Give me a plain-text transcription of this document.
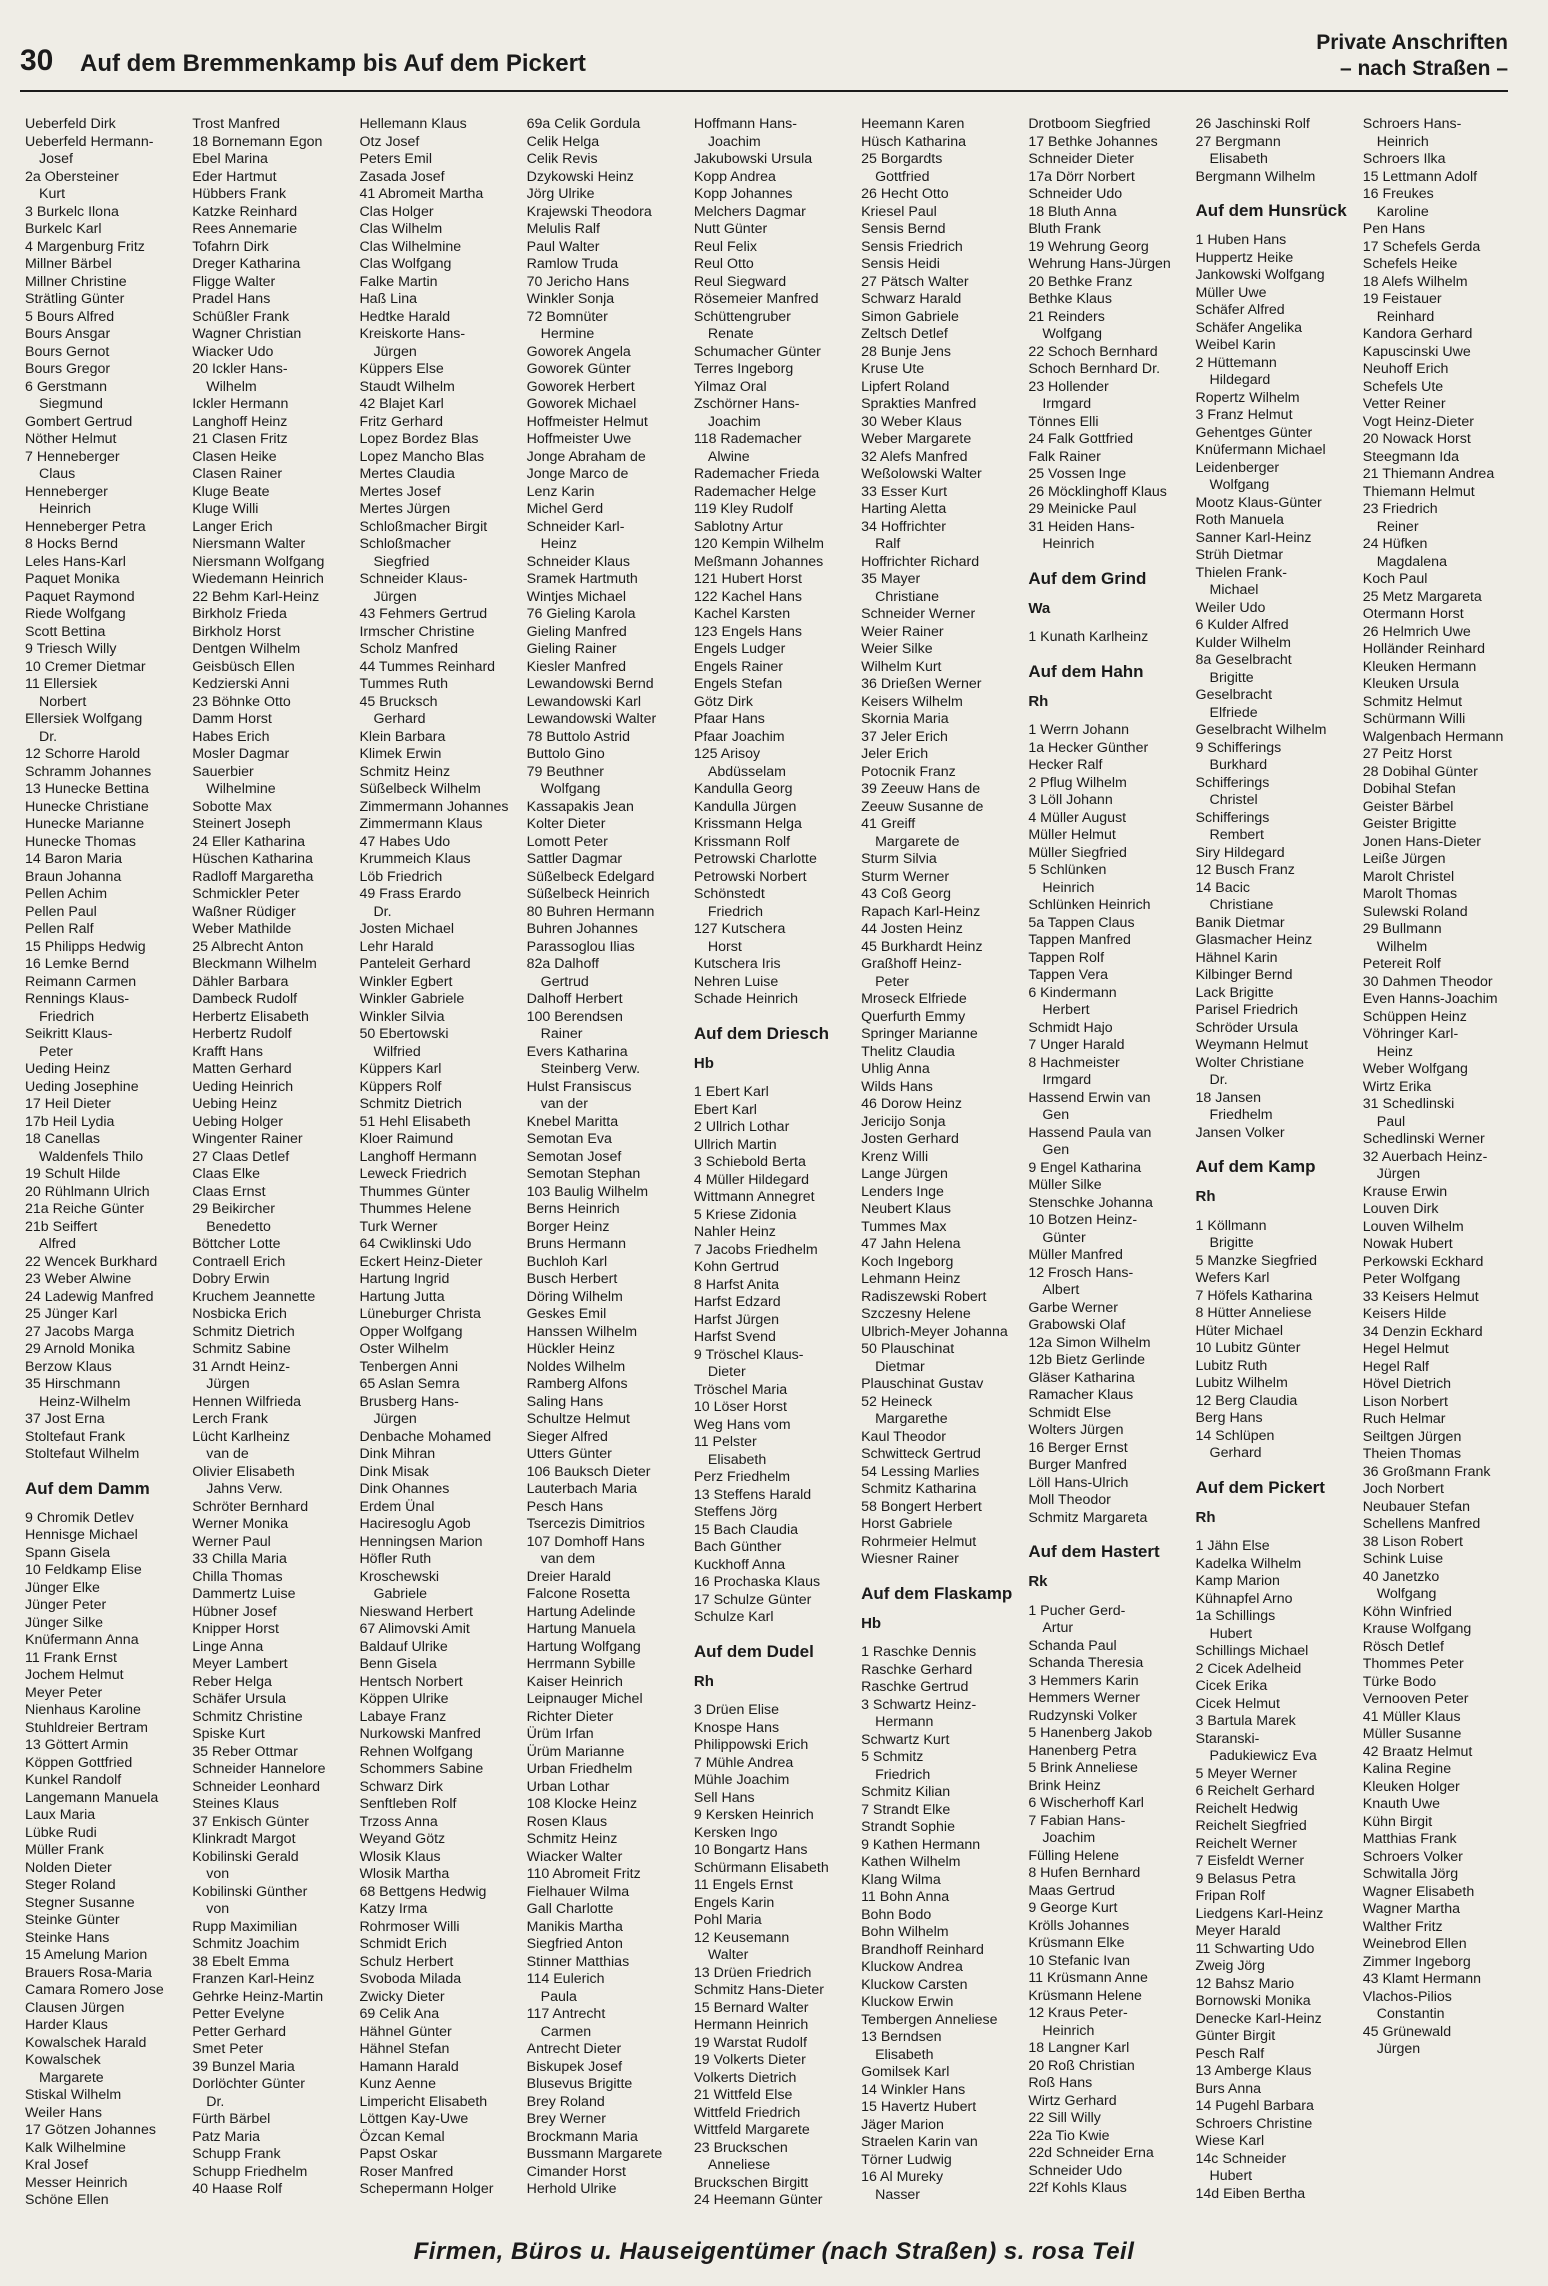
30 Auf dem Bremmenkamp bis Auf dem Pickert
Private Anschriften
– nach Straßen –
Ueberfeld Dirk
Ueberfeld Hermann-
Josef
2a Obersteiner
Kurt
3 Burkelc Ilona
Burkelc Karl
4 Margenburg Fritz
Millner Bärbel
Millner Christine
Strätling Günter
5 Bours Alfred
Bours Ansgar
Bours Gernot
Bours Gregor
6 Gerstmann
Siegmund
Gombert Gertrud
Nöther Helmut
7 Henneberger
Claus
Henneberger
Heinrich
Henneberger Petra
8 Hocks Bernd
Leles Hans-Karl
Paquet Monika
Paquet Raymond
Riede Wolfgang
Scott Bettina
9 Triesch Willy
10 Cremer Dietmar
11 Ellersiek
Norbert
Ellersiek Wolfgang
Dr.
12 Schorre Harold
Schramm Johannes
13 Hunecke Bettina
Hunecke Christiane
Hunecke Marianne
Hunecke Thomas
14 Baron Maria
Braun Johanna
Pellen Achim
Pellen Paul
Pellen Ralf
15 Philipps Hedwig
16 Lemke Bernd
Reimann Carmen
Rennings Klaus-
Friedrich
Seikritt Klaus-
Peter
Ueding Heinz
Ueding Josephine
17 Heil Dieter
17b Heil Lydia
18 Canellas
Waldenfels Thilo
19 Schult Hilde
20 Rühlmann Ulrich
21a Reiche Günter
21b Seiffert
Alfred
22 Wencek Burkhard
23 Weber Alwine
24 Ladewig Manfred
25 Jünger Karl
27 Jacobs Marga
29 Arnold Monika
Berzow Klaus
35 Hirschmann
Heinz-Wilhelm
37 Jost Erna
Stoltefaut Frank
Stoltefaut Wilhelm
Auf dem Damm
9 Chromik Detlev
Hennisge Michael
Spann Gisela
10 Feldkamp Elise
Jünger Elke
Jünger Peter
Jünger Silke
Knüfermann Anna
11 Frank Ernst
Jochem Helmut
Meyer Peter
Nienhaus Karoline
Stuhldreier Bertram
13 Göttert Armin
Köppen Gottfried
Kunkel Randolf
Langemann Manuela
Laux Maria
Lübke Rudi
Müller Frank
Nolden Dieter
Steger Roland
Stegner Susanne
Steinke Günter
Steinke Hans
15 Amelung Marion
Brauers Rosa-Maria
Camara Romero Jose
Clausen Jürgen
Harder Klaus
Kowalschek Harald
Kowalschek
Margarete
Stiskal Wilhelm
Weiler Hans
17 Götzen Johannes
Kalk Wilhelmine
Kral Josef
Messer Heinrich
Schöne Ellen
Trost Manfred
18 Bornemann Egon
Ebel Marina
Eder Hartmut
Hübbers Frank
Katzke Reinhard
Rees Annemarie
Tofahrn Dirk
Dreger Katharina
Fligge Walter
Pradel Hans
Schüßler Frank
Wagner Christian
Wiacker Udo
20 Ickler Hans-
Wilhelm
Ickler Hermann
Langhoff Heinz
21 Clasen Fritz
Clasen Heike
Clasen Rainer
Kluge Beate
Kluge Willi
Langer Erich
Niersmann Walter
Niersmann Wolfgang
Wiedemann Heinrich
22 Behm Karl-Heinz
Birkholz Frieda
Birkholz Horst
Dentgen Wilhelm
Geisbüsch Ellen
Kedzierski Anni
23 Böhnke Otto
Damm Horst
Habes Erich
Mosler Dagmar
Sauerbier
Wilhelmine
Sobotte Max
Steinert Joseph
24 Eller Katharina
Hüschen Katharina
Radloff Margaretha
Schmickler Peter
Waßner Rüdiger
Weber Mathilde
25 Albrecht Anton
Bleckmann Wilhelm
Dähler Barbara
Dambeck Rudolf
Herbertz Elisabeth
Herbertz Rudolf
Krafft Hans
Matten Gerhard
Ueding Heinrich
Uebing Heinz
Uebing Holger
Wingenter Rainer
27 Claas Detlef
Claas Elke
Claas Ernst
29 Beikircher
Benedetto
Böttcher Lotte
Contraell Erich
Dobry Erwin
Kruchem Jeannette
Nosbicka Erich
Schmitz Dietrich
Schmitz Sabine
31 Arndt Heinz-
Jürgen
Hennen Wilfrieda
Lerch Frank
Lücht Karlheinz
van de
Olivier Elisabeth
Jahns Verw.
Schröter Bernhard
Werner Monika
Werner Paul
33 Chilla Maria
Chilla Thomas
Dammertz Luise
Hübner Josef
Knipper Horst
Linge Anna
Meyer Lambert
Reber Helga
Schäfer Ursula
Schmitz Christine
Spiske Kurt
35 Reber Ottmar
Schneider Hannelore
Schneider Leonhard
Steines Klaus
37 Enkisch Günter
Klinkradt Margot
Kobilinski Gerald
von
Kobilinski Günther
von
Rupp Maximilian
Schmitz Joachim
38 Ebelt Emma
Franzen Karl-Heinz
Gehrke Heinz-Martin
Petter Evelyne
Petter Gerhard
Smet Peter
39 Bunzel Maria
Dorlöchter Günter
Dr.
Fürth Bärbel
Patz Maria
Schupp Frank
Schupp Friedhelm
40 Haase Rolf
Hellemann Klaus
Otz Josef
Peters Emil
Zasada Josef
41 Abromeit Martha
Clas Holger
Clas Wilhelm
Clas Wilhelmine
Clas Wolfgang
Falke Martin
Haß Lina
Hedtke Harald
Kreiskorte Hans-
Jürgen
Küppers Else
Staudt Wilhelm
42 Blajet Karl
Fritz Gerhard
Lopez Bordez Blas
Lopez Mancho Blas
Mertes Claudia
Mertes Josef
Mertes Jürgen
Schloßmacher Birgit
Schloßmacher
Siegfried
Schneider Klaus-
Jürgen
43 Fehmers Gertrud
Irmscher Christine
Scholz Manfred
44 Tummes Reinhard
Tummes Ruth
45 Brucksch
Gerhard
Klein Barbara
Klimek Erwin
Schmitz Heinz
Süßelbeck Wilhelm
Zimmermann Johannes
Zimmermann Klaus
47 Habes Udo
Krummeich Klaus
Löb Friedrich
49 Frass Erardo
Dr.
Josten Michael
Lehr Harald
Panteleit Gerhard
Winkler Egbert
Winkler Gabriele
Winkler Silvia
50 Ebertowski
Wilfried
Küppers Karl
Küppers Rolf
Schmitz Dietrich
51 Hehl Elisabeth
Kloer Raimund
Langhoff Hermann
Leweck Friedrich
Thummes Günter
Thummes Helene
Turk Werner
64 Cwiklinski Udo
Eckert Heinz-Dieter
Hartung Ingrid
Hartung Jutta
Lüneburger Christa
Opper Wolfgang
Oster Wilhelm
Tenbergen Anni
65 Aslan Semra
Brusberg Hans-
Jürgen
Denbache Mohamed
Dink Mihran
Dink Misak
Dink Ohannes
Erdem Ünal
Haciresoglu Agob
Henningsen Marion
Höfler Ruth
Kroschewski
Gabriele
Nieswand Herbert
67 Alimovski Amit
Baldauf Ulrike
Benn Gisela
Hentsch Norbert
Köppen Ulrike
Labaye Franz
Nurkowski Manfred
Rehnen Wolfgang
Schommers Sabine
Schwarz Dirk
Senftleben Rolf
Trzoss Anna
Weyand Götz
Wlosik Klaus
Wlosik Martha
68 Bettgens Hedwig
Katzy Irma
Rohrmoser Willi
Schmidt Erich
Schulz Herbert
Svoboda Milada
Zwicky Dieter
69 Celik Ana
Hähnel Günter
Hähnel Stefan
Hamann Harald
Kunz Aenne
Limpericht Elisabeth
Löttgen Kay-Uwe
Özcan Kemal
Papst Oskar
Roser Manfred
Schepermann Holger
69a Celik Gordula
Celik Helga
Celik Revis
Dzykowski Heinz
Jörg Ulrike
Krajewski Theodora
Melulis Ralf
Paul Walter
Ramlow Truda
70 Jericho Hans
Winkler Sonja
72 Bomnüter
Hermine
Goworek Angela
Goworek Günter
Goworek Herbert
Goworek Michael
Hoffmeister Helmut
Hoffmeister Uwe
Jonge Abraham de
Jonge Marco de
Lenz Karin
Michel Gerd
Schneider Karl-
Heinz
Schneider Klaus
Sramek Hartmuth
Wintjes Michael
76 Gieling Karola
Gieling Manfred
Gieling Rainer
Kiesler Manfred
Lewandowski Bernd
Lewandowski Karl
Lewandowski Walter
78 Buttolo Astrid
Buttolo Gino
79 Beuthner
Wolfgang
Kassapakis Jean
Kolter Dieter
Lomott Peter
Sattler Dagmar
Süßelbeck Edelgard
Süßelbeck Heinrich
80 Buhren Hermann
Buhren Johannes
Parassoglou Ilias
82a Dalhoff
Gertrud
Dalhoff Herbert
100 Berendsen
Rainer
Evers Katharina
Steinberg Verw.
Hulst Fransiscus
van der
Knebel Maritta
Semotan Eva
Semotan Josef
Semotan Stephan
103 Baulig Wilhelm
Berns Heinrich
Borger Heinz
Bruns Hermann
Buchloh Karl
Busch Herbert
Döring Wilhelm
Geskes Emil
Hanssen Wilhelm
Hückler Heinz
Noldes Wilhelm
Ramberg Alfons
Saling Hans
Schultze Helmut
Sieger Alfred
Utters Günter
106 Bauksch Dieter
Lauterbach Maria
Pesch Hans
Tsercezis Dimitrios
107 Domhoff Hans
van dem
Dreier Harald
Falcone Rosetta
Hartung Adelinde
Hartung Manuela
Hartung Wolfgang
Herrmann Sybille
Kaiser Heinrich
Leipnauger Michel
Richter Dieter
Ürüm Irfan
Ürüm Marianne
Urban Friedhelm
Urban Lothar
108 Klocke Heinz
Rosen Klaus
Schmitz Heinz
Wiacker Walter
110 Abromeit Fritz
Fielhauer Wilma
Gall Charlotte
Manikis Martha
Siegfried Anton
Stinner Matthias
114 Eulerich
Paula
117 Antrecht
Carmen
Antrecht Dieter
Biskupek Josef
Blusevus Brigitte
Brey Roland
Brey Werner
Brockmann Maria
Bussmann Margarete
Cimander Horst
Herhold Ulrike
Hoffmann Hans-
Joachim
Jakubowski Ursula
Kopp Andrea
Kopp Johannes
Melchers Dagmar
Nutt Günter
Reul Felix
Reul Otto
Reul Siegward
Rösemeier Manfred
Schüttengruber
Renate
Schumacher Günter
Terres Ingeborg
Yilmaz Oral
Zschörner Hans-
Joachim
118 Rademacher
Alwine
Rademacher Frieda
Rademacher Helge
119 Kley Rudolf
Sablotny Artur
120 Kempin Wilhelm
Meßmann Johannes
121 Hubert Horst
122 Kachel Hans
Kachel Karsten
123 Engels Hans
Engels Ludger
Engels Rainer
Engels Stefan
Götz Dirk
Pfaar Hans
Pfaar Joachim
125 Arisoy
Abdüsselam
Kandulla Georg
Kandulla Jürgen
Krissmann Helga
Krissmann Rolf
Petrowski Charlotte
Petrowski Norbert
Schönstedt
Friedrich
127 Kutschera
Horst
Kutschera Iris
Nehren Luise
Schade Heinrich
Auf dem Driesch
Hb
1 Ebert Karl
Ebert Karl
2 Ullrich Lothar
Ullrich Martin
3 Schiebold Berta
4 Müller Hildegard
Wittmann Annegret
5 Kriese Zidonia
Nahler Heinz
7 Jacobs Friedhelm
Kohn Gertrud
8 Harfst Anita
Harfst Edzard
Harfst Jürgen
Harfst Svend
9 Tröschel Klaus-
Dieter
Tröschel Maria
10 Löser Horst
Weg Hans vom
11 Pelster
Elisabeth
Perz Friedhelm
13 Steffens Harald
Steffens Jörg
15 Bach Claudia
Bach Günther
Kuckhoff Anna
16 Prochaska Klaus
17 Schulze Günter
Schulze Karl
Auf dem Dudel
Rh
3 Drüen Elise
Knospe Hans
Philippowski Erich
7 Mühle Andrea
Mühle Joachim
Sell Hans
9 Kersken Heinrich
Kersken Ingo
10 Bongartz Hans
Schürmann Elisabeth
11 Engels Ernst
Engels Karin
Pohl Maria
12 Keusemann
Walter
13 Drüen Friedrich
Schmitz Hans-Dieter
15 Bernard Walter
Hermann Heinrich
19 Warstat Rudolf
19 Volkerts Dieter
Volkerts Dietrich
21 Wittfeld Else
Wittfeld Friedrich
Wittfeld Margarete
23 Bruckschen
Anneliese
Bruckschen Birgitt
24 Heemann Günter
Heemann Karen
Hüsch Katharina
25 Borgardts
Gottfried
26 Hecht Otto
Kriesel Paul
Sensis Bernd
Sensis Friedrich
Sensis Heidi
27 Pätsch Walter
Schwarz Harald
Simon Gabriele
Zeltsch Detlef
28 Bunje Jens
Kruse Ute
Lipfert Roland
Sprakties Manfred
30 Weber Klaus
Weber Margarete
32 Alefs Manfred
Weßolowski Walter
33 Esser Kurt
Harting Aletta
34 Hoffrichter
Ralf
Hoffrichter Richard
35 Mayer
Christiane
Schneider Werner
Weier Rainer
Weier Silke
Wilhelm Kurt
36 Drießen Werner
Keisers Wilhelm
Skornia Maria
37 Jeler Erich
Jeler Erich
Potocnik Franz
39 Zeeuw Hans de
Zeeuw Susanne de
41 Greiff
Margarete de
Sturm Silvia
Sturm Werner
43 Coß Georg
Rapach Karl-Heinz
44 Josten Heinz
45 Burkhardt Heinz
Graßhoff Heinz-
Peter
Mroseck Elfriede
Querfurth Emmy
Springer Marianne
Thelitz Claudia
Uhlig Anna
Wilds Hans
46 Dorow Heinz
Jericijo Sonja
Josten Gerhard
Krenz Willi
Lange Jürgen
Lenders Inge
Neubert Klaus
Tummes Max
47 Jahn Helena
Koch Ingeborg
Lehmann Heinz
Radiszewski Robert
Szczesny Helene
Ulbrich-Meyer Johanna
50 Plauschinat
Dietmar
Plauschinat Gustav
52 Heineck
Margarethe
Kaul Theodor
Schwitteck Gertrud
54 Lessing Marlies
Schmitz Katharina
58 Bongert Herbert
Horst Gabriele
Rohrmeier Helmut
Wiesner Rainer
Auf dem Flaskamp
Hb
1 Raschke Dennis
Raschke Gerhard
Raschke Gertrud
3 Schwartz Heinz-
Hermann
Schwartz Kurt
5 Schmitz
Friedrich
Schmitz Kilian
7 Strandt Elke
Strandt Sophie
9 Kathen Hermann
Kathen Wilhelm
Klang Wilma
11 Bohn Anna
Bohn Bodo
Bohn Wilhelm
Brandhoff Reinhard
Kluckow Andrea
Kluckow Carsten
Kluckow Erwin
Tembergen Anneliese
13 Berndsen
Elisabeth
Gomilsek Karl
14 Winkler Hans
15 Havertz Hubert
Jäger Marion
Straelen Karin van
Törner Ludwig
16 Al Mureky
Nasser
Drotboom Siegfried
17 Bethke Johannes
Schneider Dieter
17a Dörr Norbert
Schneider Udo
18 Bluth Anna
Bluth Frank
19 Wehrung Georg
Wehrung Hans-Jürgen
20 Bethke Franz
Bethke Klaus
21 Reinders
Wolfgang
22 Schoch Bernhard
Schoch Bernhard Dr.
23 Hollender
Irmgard
Tönnes Elli
24 Falk Gottfried
Falk Rainer
25 Vossen Inge
26 Möcklinghoff Klaus
29 Meinicke Paul
31 Heiden Hans-
Heinrich
Auf dem Grind
Wa
1 Kunath Karlheinz
Auf dem Hahn
Rh
1 Werrn Johann
1a Hecker Günther
Hecker Ralf
2 Pflug Wilhelm
3 Löll Johann
4 Müller August
Müller Helmut
Müller Siegfried
5 Schlünken
Heinrich
Schlünken Heinrich
5a Tappen Claus
Tappen Manfred
Tappen Rolf
Tappen Vera
6 Kindermann
Herbert
Schmidt Hajo
7 Unger Harald
8 Hachmeister
Irmgard
Hassend Erwin van
Gen
Hassend Paula van
Gen
9 Engel Katharina
Müller Silke
Stenschke Johanna
10 Botzen Heinz-
Günter
Müller Manfred
12 Frosch Hans-
Albert
Garbe Werner
Grabowski Olaf
12a Simon Wilhelm
12b Bietz Gerlinde
Gläser Katharina
Ramacher Klaus
Schmidt Else
Wolters Jürgen
16 Berger Ernst
Burger Manfred
Löll Hans-Ulrich
Moll Theodor
Schmitz Margareta
Auf dem Hastert
Rk
1 Pucher Gerd-
Artur
Schanda Paul
Schanda Theresia
3 Hemmers Karin
Hemmers Werner
Rudzynski Volker
5 Hanenberg Jakob
Hanenberg Petra
5 Brink Anneliese
Brink Heinz
6 Wischerhoff Karl
7 Fabian Hans-
Joachim
Fülling Helene
8 Hufen Bernhard
Maas Gertrud
9 George Kurt
Krölls Johannes
Krüsmann Elke
10 Stefanic Ivan
11 Krüsmann Anne
Krüsmann Helene
12 Kraus Peter-
Heinrich
18 Langner Karl
20 Roß Christian
Roß Hans
Wirtz Gerhard
22 Sill Willy
22a Tio Kwie
22d Schneider Erna
Schneider Udo
22f Kohls Klaus
26 Jaschinski Rolf
27 Bergmann
Elisabeth
Bergmann Wilhelm
Auf dem Hunsrück
1 Huben Hans
Huppertz Heike
Jankowski Wolfgang
Müller Uwe
Schäfer Alfred
Schäfer Angelika
Weibel Karin
2 Hüttemann
Hildegard
Ropertz Wilhelm
3 Franz Helmut
Gehentges Günter
Knüfermann Michael
Leidenberger
Wolfgang
Mootz Klaus-Günter
Roth Manuela
Sanner Karl-Heinz
Strüh Dietmar
Thielen Frank-
Michael
Weiler Udo
6 Kulder Alfred
Kulder Wilhelm
8a Geselbracht
Brigitte
Geselbracht
Elfriede
Geselbracht Wilhelm
9 Schifferings
Burkhard
Schifferings
Christel
Schifferings
Rembert
Siry Hildegard
12 Busch Franz
14 Bacic
Christiane
Banik Dietmar
Glasmacher Heinz
Hähnel Karin
Kilbinger Bernd
Lack Brigitte
Parisel Friedrich
Schröder Ursula
Weymann Helmut
Wolter Christiane
Dr.
18 Jansen
Friedhelm
Jansen Volker
Auf dem Kamp
Rh
1 Köllmann
Brigitte
5 Manzke Siegfried
Wefers Karl
7 Höfels Katharina
8 Hütter Anneliese
Hüter Michael
10 Lubitz Günter
Lubitz Ruth
Lubitz Wilhelm
12 Berg Claudia
Berg Hans
14 Schlüpen
Gerhard
Auf dem Pickert
Rh
1 Jähn Else
Kadelka Wilhelm
Kamp Marion
Kühnapfel Arno
1a Schillings
Hubert
Schillings Michael
2 Cicek Adelheid
Cicek Erika
Cicek Helmut
3 Bartula Marek
Staranski-
Padukiewicz Eva
5 Meyer Werner
6 Reichelt Gerhard
Reichelt Hedwig
Reichelt Siegfried
Reichelt Werner
7 Eisfeldt Werner
9 Belasus Petra
Fripan Rolf
Liedgens Karl-Heinz
Meyer Harald
11 Schwarting Udo
Zweig Jörg
12 Bahsz Mario
Bornowski Monika
Denecke Karl-Heinz
Günter Birgit
Pesch Ralf
13 Amberge Klaus
Burs Anna
14 Pugehl Barbara
Schroers Christine
Wiese Karl
14c Schneider
Hubert
14d Eiben Bertha
Schroers Hans-
Heinrich
Schroers Ilka
15 Lettmann Adolf
16 Freukes
Karoline
Pen Hans
17 Schefels Gerda
Schefels Heike
18 Alefs Wilhelm
19 Feistauer
Reinhard
Kandora Gerhard
Kapuscinski Uwe
Neuhoff Erich
Schefels Ute
Vetter Reiner
Vogt Heinz-Dieter
20 Nowack Horst
Steegmann Ida
21 Thiemann Andrea
Thiemann Helmut
23 Friedrich
Reiner
24 Hüfken
Magdalena
Koch Paul
25 Metz Margareta
Otermann Horst
26 Helmrich Uwe
Holländer Reinhard
Kleuken Hermann
Kleuken Ursula
Schmitz Helmut
Schürmann Willi
Walgenbach Hermann
27 Peitz Horst
28 Dobihal Günter
Dobihal Stefan
Geister Bärbel
Geister Brigitte
Jonen Hans-Dieter
Leiße Jürgen
Marolt Christel
Marolt Thomas
Sulewski Roland
29 Bullmann
Wilhelm
Petereit Rolf
30 Dahmen Theodor
Even Hanns-Joachim
Schüppen Heinz
Vöhringer Karl-
Heinz
Weber Wolfgang
Wirtz Erika
31 Schedlinski
Paul
Schedlinski Werner
32 Auerbach Heinz-
Jürgen
Krause Erwin
Louven Dirk
Louven Wilhelm
Nowak Hubert
Perkowski Eckhard
Peter Wolfgang
33 Keisers Helmut
Keisers Hilde
34 Denzin Eckhard
Hegel Helmut
Hegel Ralf
Hövel Dietrich
Lison Norbert
Ruch Helmar
Seiltgen Jürgen
Theien Thomas
36 Großmann Frank
Joch Norbert
Neubauer Stefan
Schellens Manfred
38 Lison Robert
Schink Luise
40 Janetzko
Wolfgang
Köhn Winfried
Krause Wolfgang
Rösch Detlef
Thommes Peter
Türke Bodo
Vernooven Peter
41 Müller Klaus
Müller Susanne
42 Braatz Helmut
Kalina Regine
Kleuken Holger
Knauth Uwe
Kühn Birgit
Matthias Frank
Schroers Volker
Schwitalla Jörg
Wagner Elisabeth
Wagner Martha
Walther Fritz
Weinebrod Ellen
Zimmer Ingeborg
43 Klamt Hermann
Vlachos-Pilios
Constantin
45 Grünewald
Jürgen
Firmen, Büros u. Hauseigentümer (nach Straßen) s. rosa Teil
